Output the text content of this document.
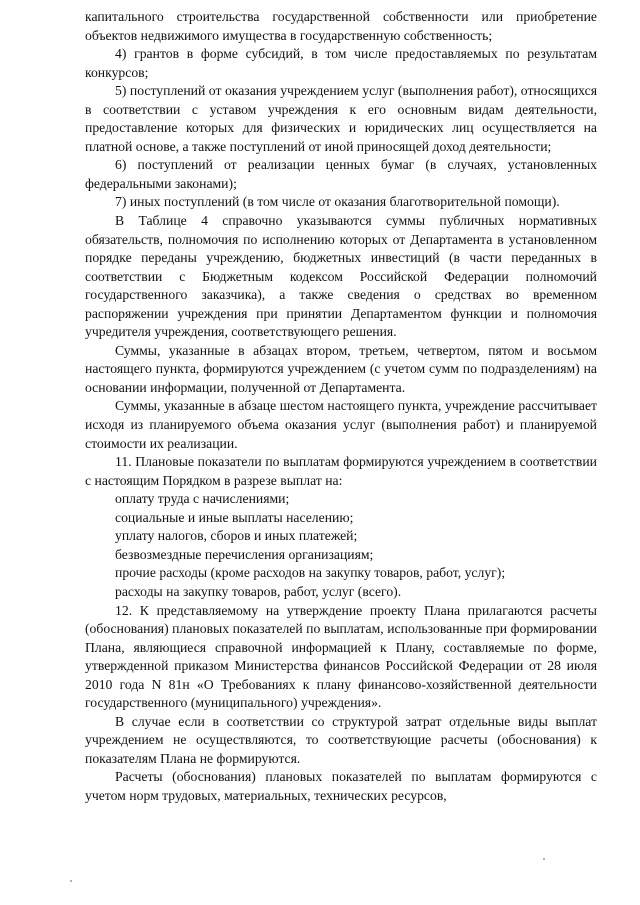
капитального строительства государственной собственности или приобретение объектов недвижимого имущества в государственную собственность;

4) грантов в форме субсидий, в том числе предоставляемых по результатам конкурсов;

5) поступлений от оказания учреждением услуг (выполнения работ), относящихся в соответствии с уставом учреждения к его основным видам деятельности, предоставление которых для физических и юридических лиц осуществляется на платной основе, а также поступлений от иной приносящей доход деятельности;

6) поступлений от реализации ценных бумаг (в случаях, установленных федеральными законами);

7) иных поступлений (в том числе от оказания благотворительной помощи).

В Таблице 4 справочно указываются суммы публичных нормативных обязательств, полномочия по исполнению которых от Департамента в установленном порядке переданы учреждению, бюджетных инвестиций (в части переданных в соответствии с Бюджетным кодексом Российской Федерации полномочий государственного заказчика), а также сведения о средствах во временном распоряжении учреждения при принятии Департаментом функции и полномочия учредителя учреждения, соответствующего решения.

Суммы, указанные в абзацах втором, третьем, четвертом, пятом и восьмом настоящего пункта, формируются учреждением (с учетом сумм по подразделениям) на основании информации, полученной от Департамента.

Суммы, указанные в абзаце шестом настоящего пункта, учреждение рассчитывает исходя из планируемого объема оказания услуг (выполнения работ) и планируемой стоимости их реализации.

11. Плановые показатели по выплатам формируются учреждением в соответствии с настоящим Порядком в разрезе выплат на:

оплату труда с начислениями;

социальные и иные выплаты населению;

уплату налогов, сборов и иных платежей;

безвозмездные перечисления организациям;

прочие расходы (кроме расходов на закупку товаров, работ, услуг);

расходы на закупку товаров, работ, услуг (всего).

12. К представляемому на утверждение проекту Плана прилагаются расчеты (обоснования) плановых показателей по выплатам, использованные при формировании Плана, являющиеся справочной информацией к Плану, составляемые по форме, утвержденной приказом Министерства финансов Российской Федерации от 28 июля 2010 года N 81н «О Требованиях к плану финансово-хозяйственной деятельности государственного (муниципального) учреждения».

В случае если в соответствии со структурой затрат отдельные виды выплат учреждением не осуществляются, то соответствующие расчеты (обоснования) к показателям Плана не формируются.

Расчеты (обоснования) плановых показателей по выплатам формируются с учетом норм трудовых, материальных, технических ресурсов,
